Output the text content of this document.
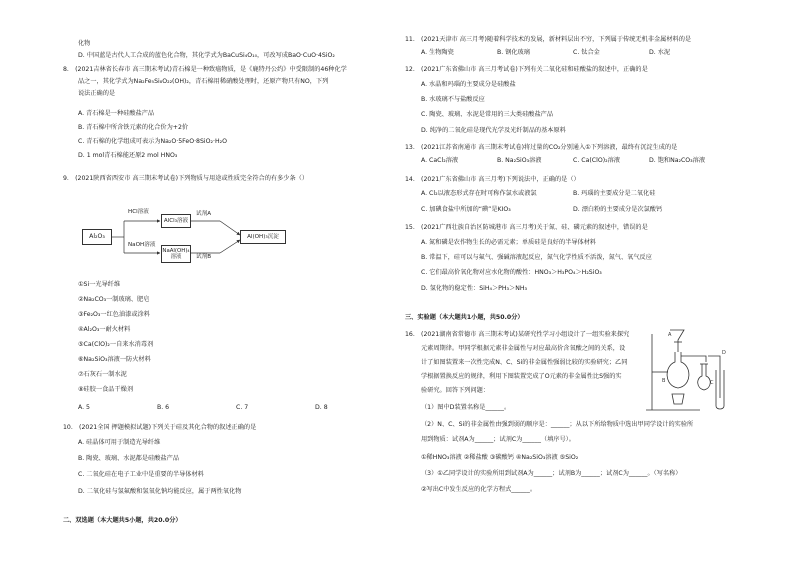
化物
D. 中国蓝是古代人工合成的蓝色化合物，其化学式为BaCuSi₄O₁₀，可改写成BaO·CuO·4SiO₂
8.　(2021吉林省长春市 高三期末考试)青石棉是一种致癌物质，是《鹿特丹公约》中受限制的46种化学
品之一，其化学式为Na₂Fe₅Si₈O₂₂(OH)₂，青石棉用稀硝酸处理时，还原产物只有NO，下列
说法正确的是
A. 青石棉是一种硅酸盐产品
B. 青石棉中所含铁元素的化合价为+2价
C. 青石棉的化学组成可表示为Na₂O·5FeO·8SiO₂·H₂O
D. 1 mol青石棉能还原2 mol HNO₃
9.　(2021陕西省西安市 高三期末考试卷)下列物质与用途或性质完全符合的有多少条（）
Al₂O₃
HCl溶液
NaOH溶液
AlCl₃溶液
NaAl(OH)₄
溶液
试剂A
试剂B
Al(OH)₃沉淀
①Si一光导纤维
②Na₂CO₃一制玻璃、肥皂
③Fe₂O₃一红色油漆或涂料
④Al₂O₃一耐火材料
⑤Ca(ClO)₂一自来水消毒剂
⑥Na₂SiO₃溶液一防火材料
⑦石灰石一制水泥
⑧硅胶一食品干燥剂
A. 5	B. 6	C. 7	D. 8
10.　(2021全国 押题模拟试题)下列关于硅及其化合物的叙述正确的是
A. 硅晶体可用于制造光导纤维
B. 陶瓷、玻璃、水泥都是硅酸盐产品
C. 二氧化硅在电子工业中是重要的半导体材料
D. 二氧化硅与氢氟酸和氢氧化钠均能反应，属于两性氧化物
二、双选题（本大题共5小题，共20.0分）
11.　(2021天津市 高三月考)随着科学技术的发展，新材料层出不穷，下列属于传统无机非金属材料的是
A. 生物陶瓷	B. 钢化玻璃	C. 钛合金	D. 水泥
12.　(2021广东省佛山市 高三月考试卷)下列有关二氧化硅和硅酸盐的叙述中，正确的是
A. 水晶和玛瑙的主要成分是硅酸盐
B. 水玻璃不与盐酸反应
C. 陶瓷、玻璃、水泥是常用的三大类硅酸盐产品
D. 纯净的二氧化硅是现代光学及光纤制品的基本原料
13.　(2021江苏省南通市 高三期末考试卷)将过量的CO₂分别通入①下列溶液，最终有沉淀生成的是
A. CaCl₂溶液	B. Na₂SiO₃溶液	C. Ca(ClO)₂溶液	D. 饱和Na₂CO₃溶液
14.　(2021广东省佛山市 高三月考)下列说法中，正确的是（）
A. Cl₂以液态形式存在时可称作氯水或液氯	B. 玛瑙的主要成分是二氧化硅
C. 加碘食盐中所加的“碘”是KIO₃	D. 漂白粉的主要成分是次氯酸钙
15.　(2021广西壮族自治区防城港市 高三月考)关于氮、硅、磷元素的叙述中，错误的是
A. 氮和磷是农作物生长的必需元素；单质硅是良好的半导体材料
B. 常温下，硅可以与氟气、强碱溶液起反应，氮气化学性质不活泼，氮气、氧气反应
C. 它们最高价氧化物对应水化物的酸性：HNO₃＞H₃PO₄＞H₂SiO₃
D. 氢化物的稳定性：SiH₄＞PH₃＞NH₃
三、实验题（本大题共1小题，共50.0分）
16.　(2021湖南省常德市 高三期末考试)某研究性学习小组设计了一组实验来探究
元素周期律。甲同学根据元素非金属性与对应最高价含氧酸之间的关系，设
计了如图装置来一次性完成N、C、Si的非金属性强弱比较的实验研究；乙同
学根据置换反应的规律，利用下图装置完成了O元素的非金属性比S强的实
验研究。回答下列问题：
（1）图中D装置名称是______。
（2）N、C、Si的非金属性由强到弱的顺序是：______；从以下所给物质中选出甲同学设计的实验所
用到物质：试剂A为______；试剂C为______（填序号）。
①稀HNO₃溶液 ②稀盐酸 ③碳酸钙 ④Na₂SiO₃溶液 ⑤SiO₂
（3）①乙同学设计的实验所用到试剂A为______；试剂B为______；试剂C为______。（写名称）
②写出C中发生反应的化学方程式______。
A
B	C
D
